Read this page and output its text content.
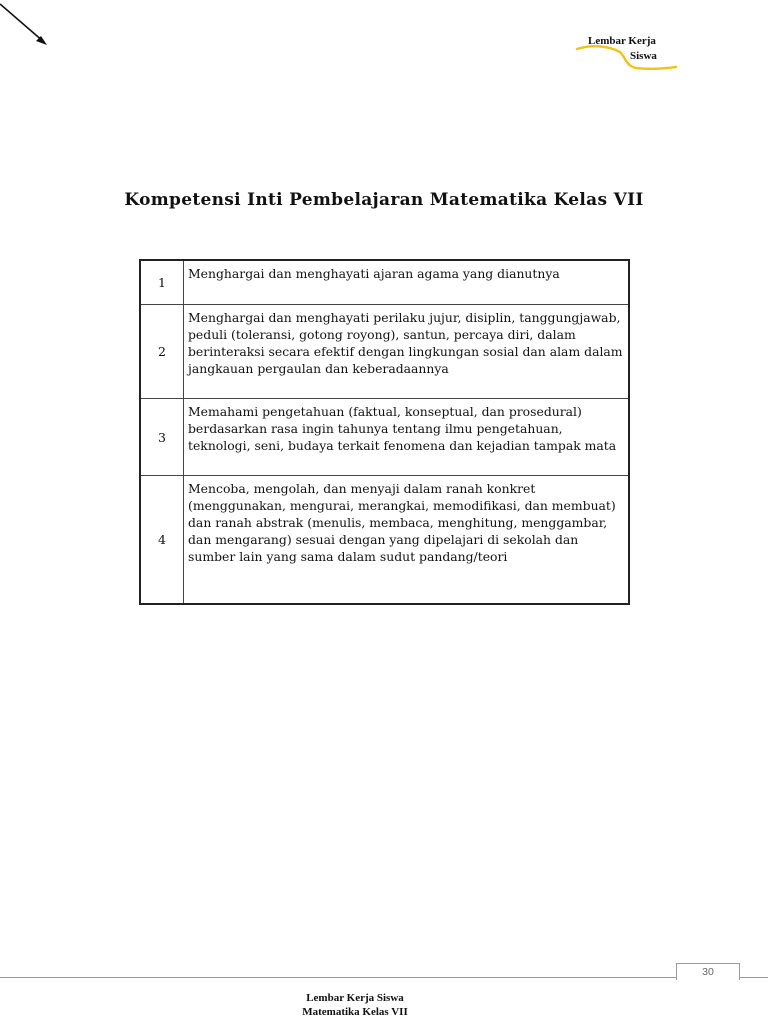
Lembar Kerja
Siswa
Kompetensi Inti Pembelajaran Matematika Kelas VII
1	Menghargai dan menghayati ajaran agama yang dianutnya
2	Menghargai dan menghayati perilaku jujur, disiplin, tanggungjawab, peduli (toleransi, gotong royong), santun, percaya diri, dalam berinteraksi secara efektif dengan lingkungan sosial dan alam dalam jangkauan pergaulan dan keberadaannya
3	Memahami pengetahuan (faktual, konseptual, dan prosedural) berdasarkan rasa ingin tahunya tentang ilmu pengetahuan, teknologi, seni, budaya terkait fenomena dan kejadian tampak mata
4	Mencoba, mengolah, dan menyaji dalam ranah konkret (menggunakan, mengurai, merangkai, memodifikasi, dan membuat) dan ranah abstrak (menulis, membaca, menghitung, menggambar, dan mengarang) sesuai dengan yang dipelajari di sekolah dan sumber lain yang sama dalam sudut pandang/teori
30
Lembar Kerja Siswa
Matematika Kelas VII
